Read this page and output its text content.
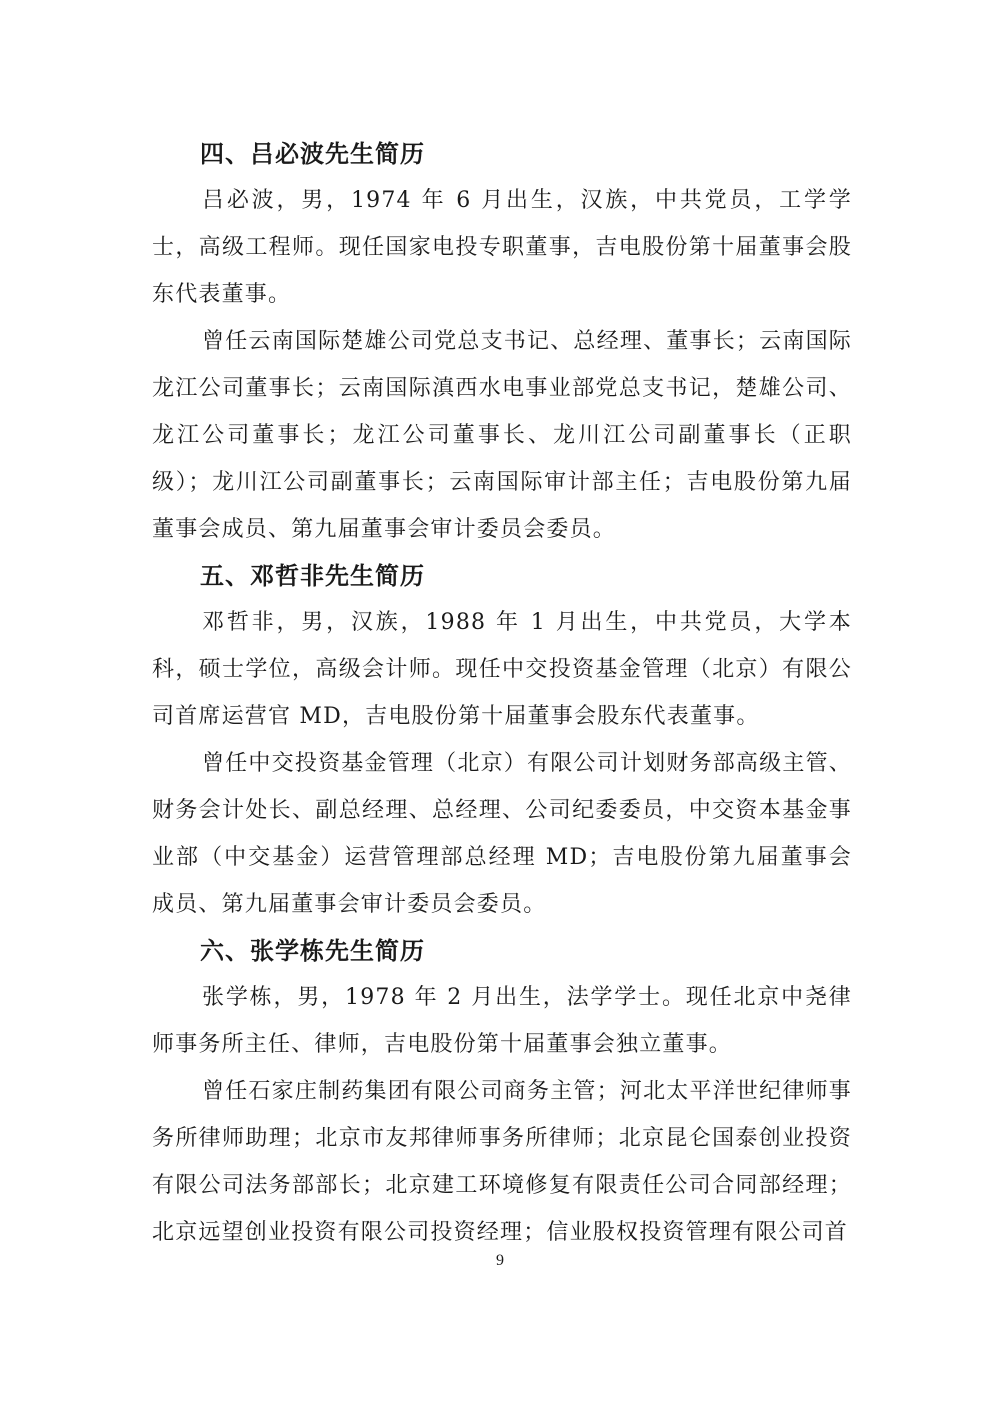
四、吕必波先生简历

吕必波，男，1974 年 6 月出生，汉族，中共党员，工学学士，高级工程师。现任国家电投专职董事，吉电股份第十届董事会股东代表董事。

曾任云南国际楚雄公司党总支书记、总经理、董事长；云南国际龙江公司董事长；云南国际滇西水电事业部党总支书记，楚雄公司、龙江公司董事长；龙江公司董事长、龙川江公司副董事长（正职级）；龙川江公司副董事长；云南国际审计部主任；吉电股份第九届董事会成员、第九届董事会审计委员会委员。

五、邓哲非先生简历

邓哲非，男，汉族，1988 年 1 月出生，中共党员，大学本科，硕士学位，高级会计师。现任中交投资基金管理（北京）有限公司首席运营官 MD，吉电股份第十届董事会股东代表董事。

曾任中交投资基金管理（北京）有限公司计划财务部高级主管、财务会计处长、副总经理、总经理、公司纪委委员，中交资本基金事业部（中交基金）运营管理部总经理 MD；吉电股份第九届董事会成员、第九届董事会审计委员会委员。

六、张学栋先生简历

张学栋，男，1978 年 2 月出生，法学学士。现任北京中尧律师事务所主任、律师，吉电股份第十届董事会独立董事。

曾任石家庄制药集团有限公司商务主管；河北太平洋世纪律师事务所律师助理；北京市友邦律师事务所律师；北京昆仑国泰创业投资有限公司法务部部长；北京建工环境修复有限责任公司合同部经理；北京远望创业投资有限公司投资经理；信业股权投资管理有限公司首

9
